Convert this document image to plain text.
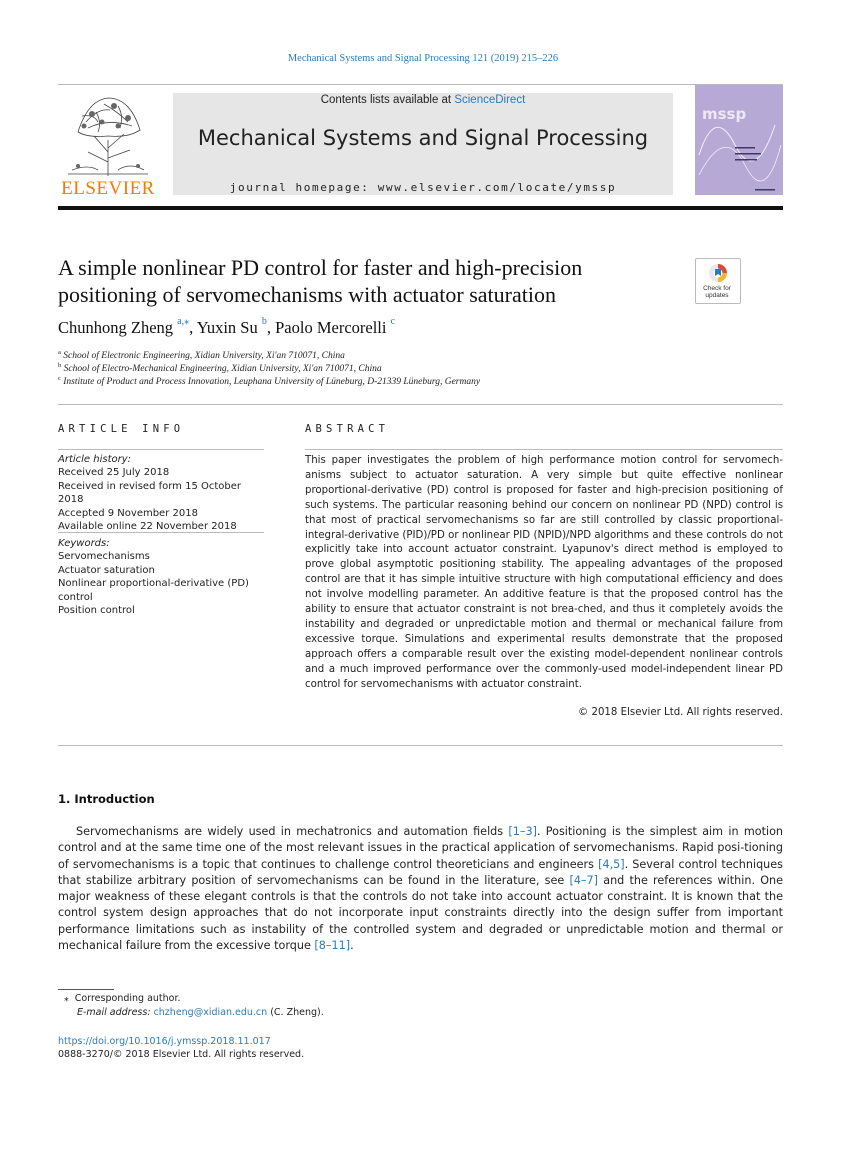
Mechanical Systems and Signal Processing 121 (2019) 215–226
ELSEVIER
Contents lists available at ScienceDirect
Mechanical Systems and Signal Processing
journal homepage: www.elsevier.com/locate/ymssp
mssp
A simple nonlinear PD control for faster and high-precision
positioning of servomechanisms with actuator saturation	Check for updates
Chunhong Zheng $^{a,⁎}$, Yuxin Su $^b$, Paolo Mercorelli $^c$
$^a$ School of Electronic Engineering, Xidian University, Xi'an 710071, China
$^b$ School of Electro-Mechanical Engineering, Xidian University, Xi'an 710071, China
$^c$ Institute of Product and Process Innovation, Leuphana University of Lüneburg, D-21339 Lüneburg, Germany
ARTICLE INFO
Article history:
Received 25 July 2018
Received in revised form 15 October 2018
Accepted 9 November 2018
Available online 22 November 2018
Keywords:
Servomechanisms
Actuator saturation
Nonlinear proportional-derivative (PD)
control
Position control
ABSTRACT
This paper investigates the problem of high performance motion control for servomech-anisms subject to actuator saturation. A very simple but quite effective nonlinear proportional-derivative (PD) control is proposed for faster and high-precision positioning of such systems. The particular reasoning behind our concern on nonlinear PD (NPD) control is that most of practical servomechanisms so far are still controlled by classic proportional-integral-derivative (PID)/PD or nonlinear PID (NPID)/NPD algorithms and these controls do not explicitly take into account actuator constraint. Lyapunov's direct method is employed to prove global asymptotic positioning stability. The appealing advantages of the proposed control are that it has simple intuitive structure with high computational efficiency and does not involve modelling parameter. An additive feature is that the proposed control has the ability to ensure that actuator constraint is not brea-ched, and thus it completely avoids the instability and degraded or unpredictable motion and thermal or mechanical failure from excessive torque. Simulations and experimental results demonstrate that the proposed approach offers a comparable result over the existing model-dependent nonlinear controls and a much improved performance over the commonly-used model-independent linear PD control for servomechanisms with actuator constraint.
© 2018 Elsevier Ltd. All rights reserved.
1. Introduction
Servomechanisms are widely used in mechatronics and automation fields [1–3]. Positioning is the simplest aim in motion control and at the same time one of the most relevant issues in the practical application of servomechanisms. Rapid posi-tioning of servomechanisms is a topic that continues to challenge control theoreticians and engineers [4,5]. Several control techniques that stabilize arbitrary position of servomechanisms can be found in the literature, see [4–7] and the references within. One major weakness of these elegant controls is that the controls do not take into account actuator constraint. It is known that the control system design approaches that do not incorporate input constraints directly into the design suffer from important performance limitations such as instability of the controlled system and degraded or unpredictable motion and thermal or mechanical failure from the excessive torque [8–11].
⁎ Corresponding author.
E-mail address: chzheng@xidian.edu.cn (C. Zheng).
https://doi.org/10.1016/j.ymssp.2018.11.017
0888-3270/© 2018 Elsevier Ltd. All rights reserved.
